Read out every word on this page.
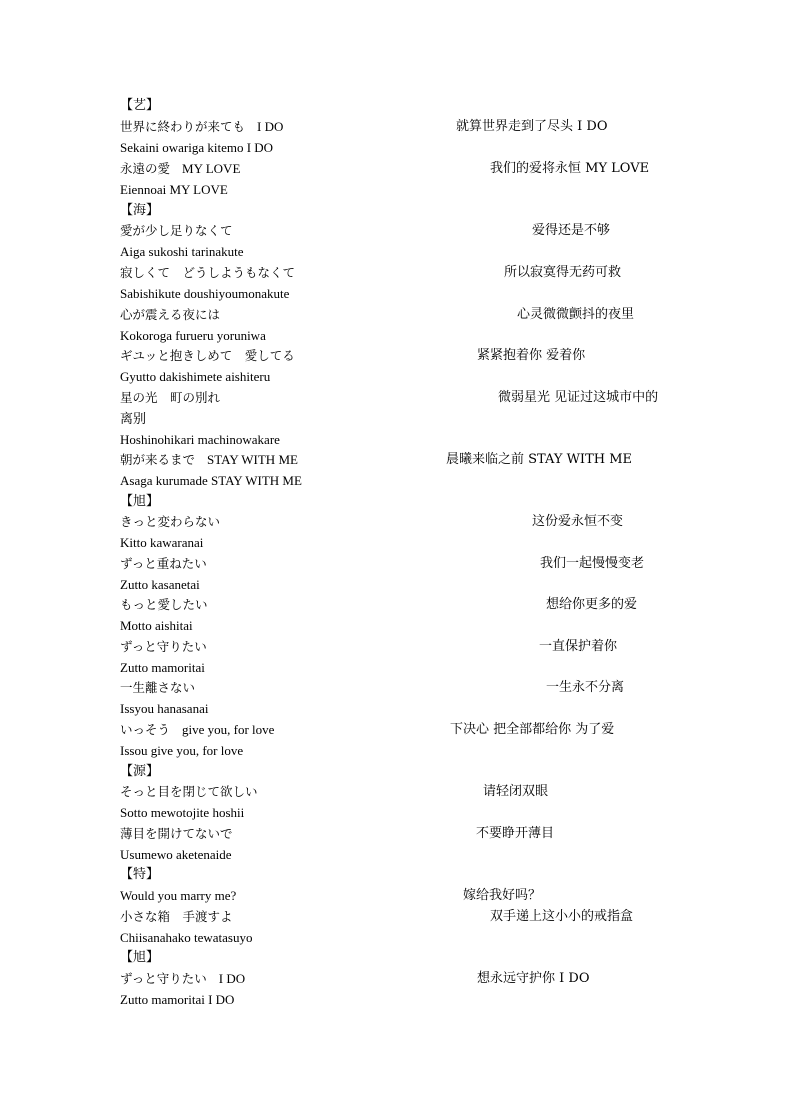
【艺】
世界に終わりが来ても I DO	就算世界走到了尽头 I DO
Sekaini owariga kitemo I DO
永遠の愛 MY LOVE	我们的爱将永恒 MY LOVE
Eiennoai MY LOVE
【海】
愛が少し足りなくて	爱得还是不够
Aiga sukoshi tarinakute
寂しくて　どうしようもなくて	所以寂寞得无药可救
Sabishikute doushiyoumonakute
心が震える夜には	心灵微微颤抖的夜里
Kokoroga furueru yoruniwa
ギユッと抱きしめて　愛してる	紧紧抱着你 爱着你
Gyutto dakishimete aishiteru
星の光　町の別れ	微弱星光 见证过这城市中的
离别
Hoshinohikari machinowakare
朝が来るまで STAY WITH ME	晨曦来临之前 STAY WITH ME
Asaga kurumade STAY WITH ME
【旭】
きっと変わらない	这份爱永恒不变
Kitto kawaranai
ずっと重ねたい	我们一起慢慢变老
Zutto kasanetai
もっと愛したい	想给你更多的爱
Motto aishitai
ずっと守りたい	一直保护着你
Zutto mamoritai
一生離さない	一生永不分离
Issyou hanasanai
いっそう give you, for love	下决心 把全部都给你 为了爱
Issou give you, for love
【源】
そっと目を閉じて欲しい	请轻闭双眼
Sotto mewotojite hoshii
薄目を開けてないで	不要睁开薄目
Usumewo aketenaide
【特】
Would you marry me?	嫁给我好吗？
小さな箱　手渡すよ	双手递上这小小的戒指盒
Chiisanahako tewatasuyo
【旭】
ずっと守りたい I DO	想永远守护你 I DO
Zutto mamoritai I DO
